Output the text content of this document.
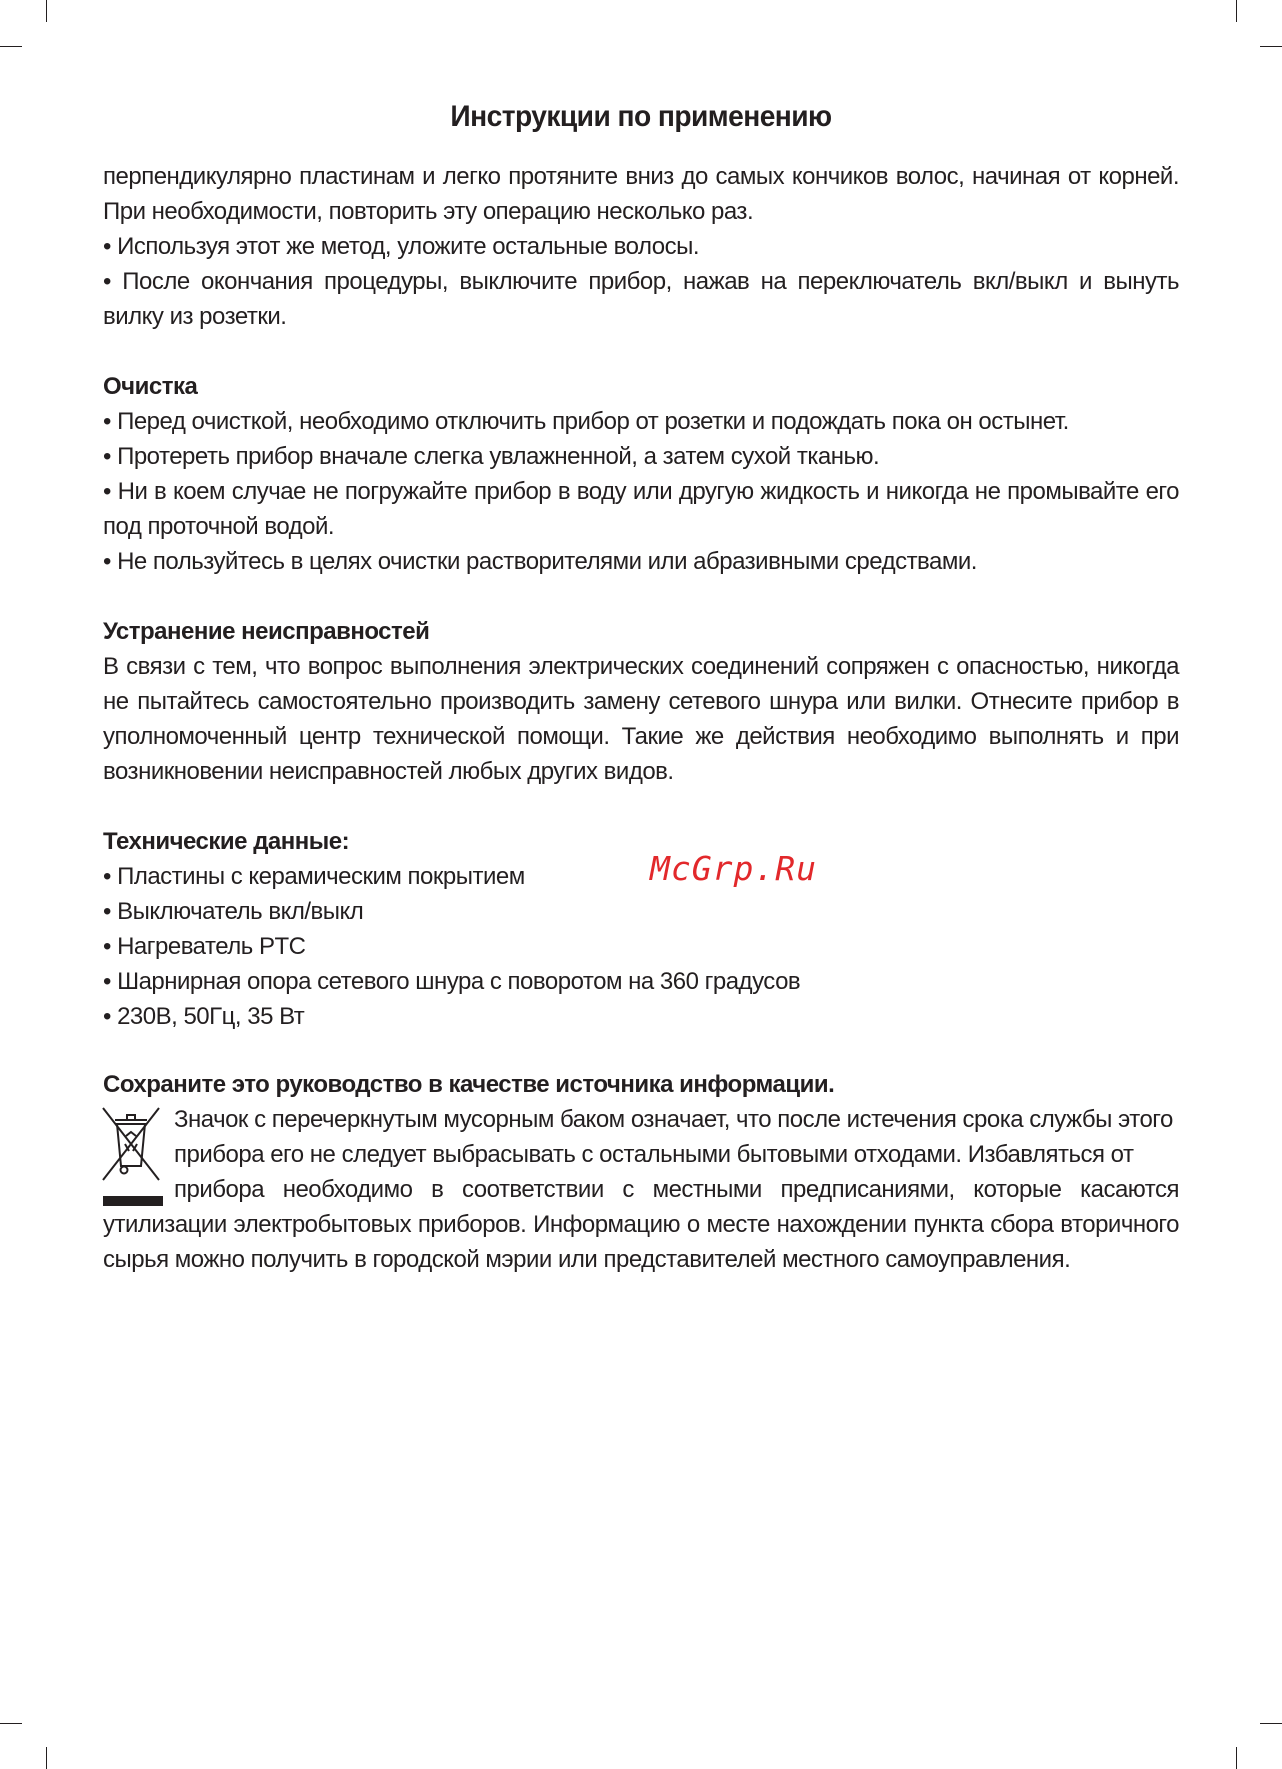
Инструкции по применению

перпендикулярно пластинам и легко протяните вниз до самых кончиков волос, начиная от корней. При необходимости, повторить эту операцию несколько раз.

• Используя этот же метод, уложите остальные волосы.

• После окончания процедуры, выключите прибор, нажав на переключатель вкл/выкл и вынуть вилку из розетки.

Очистка

• Перед очисткой, необходимо отключить прибор от розетки и подождать пока он остынет.

• Протереть прибор вначале слегка увлажненной, а затем сухой тканью.

• Ни в коем случае не погружайте прибор в воду или другую жидкость и никогда не промывайте его под проточной водой.

• Не пользуйтесь в целях очистки растворителями или абразивными средствами.

Устранение неисправностей

В связи с тем, что вопрос выполнения электрических соединений сопряжен с опасностью, никогда не пытайтесь самостоятельно производить замену сетевого шнура или вилки. Отнесите прибор в уполномоченный центр технической помощи. Такие же действия необходимо выполнять и при возникновении неисправностей любых других видов.

Технические данные:

• Пластины с керамическим покрытием	McGrp.Ru

• Выключатель вкл/выкл

• Нагреватель PTC

• Шарнирная опора сетевого шнура с поворотом на 360 градусов

• 230В, 50Гц, 35 Вт

Сохраните это руководство в качестве источника информации.

Значок с перечеркнутым мусорным баком означает, что после истечения срока службы этого

прибора его не следует выбрасывать с остальными бытовыми отходами. Избавляться от

прибора необходимо в соответствии с местными предписаниями, которые касаются утилизации электробытовых приборов. Информацию о месте нахождении пункта сбора вторичного сырья можно получить в городской мэрии или представителей местного самоуправления.
